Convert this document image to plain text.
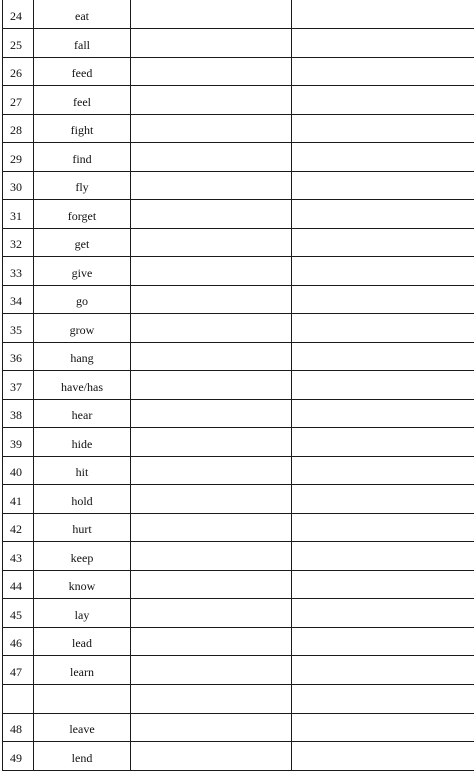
24	eat		
25	fall		
26	feed		
27	feel		
28	fight		
29	find		
30	fly		
31	forget		
32	get		
33	give		
34	go		
35	grow		
36	hang		
37	have/has		
38	hear		
39	hide		
40	hit		
41	hold		
42	hurt		
43	keep		
44	know		
45	lay		
46	lead		
47	learn		

48	leave		
49	lend		
